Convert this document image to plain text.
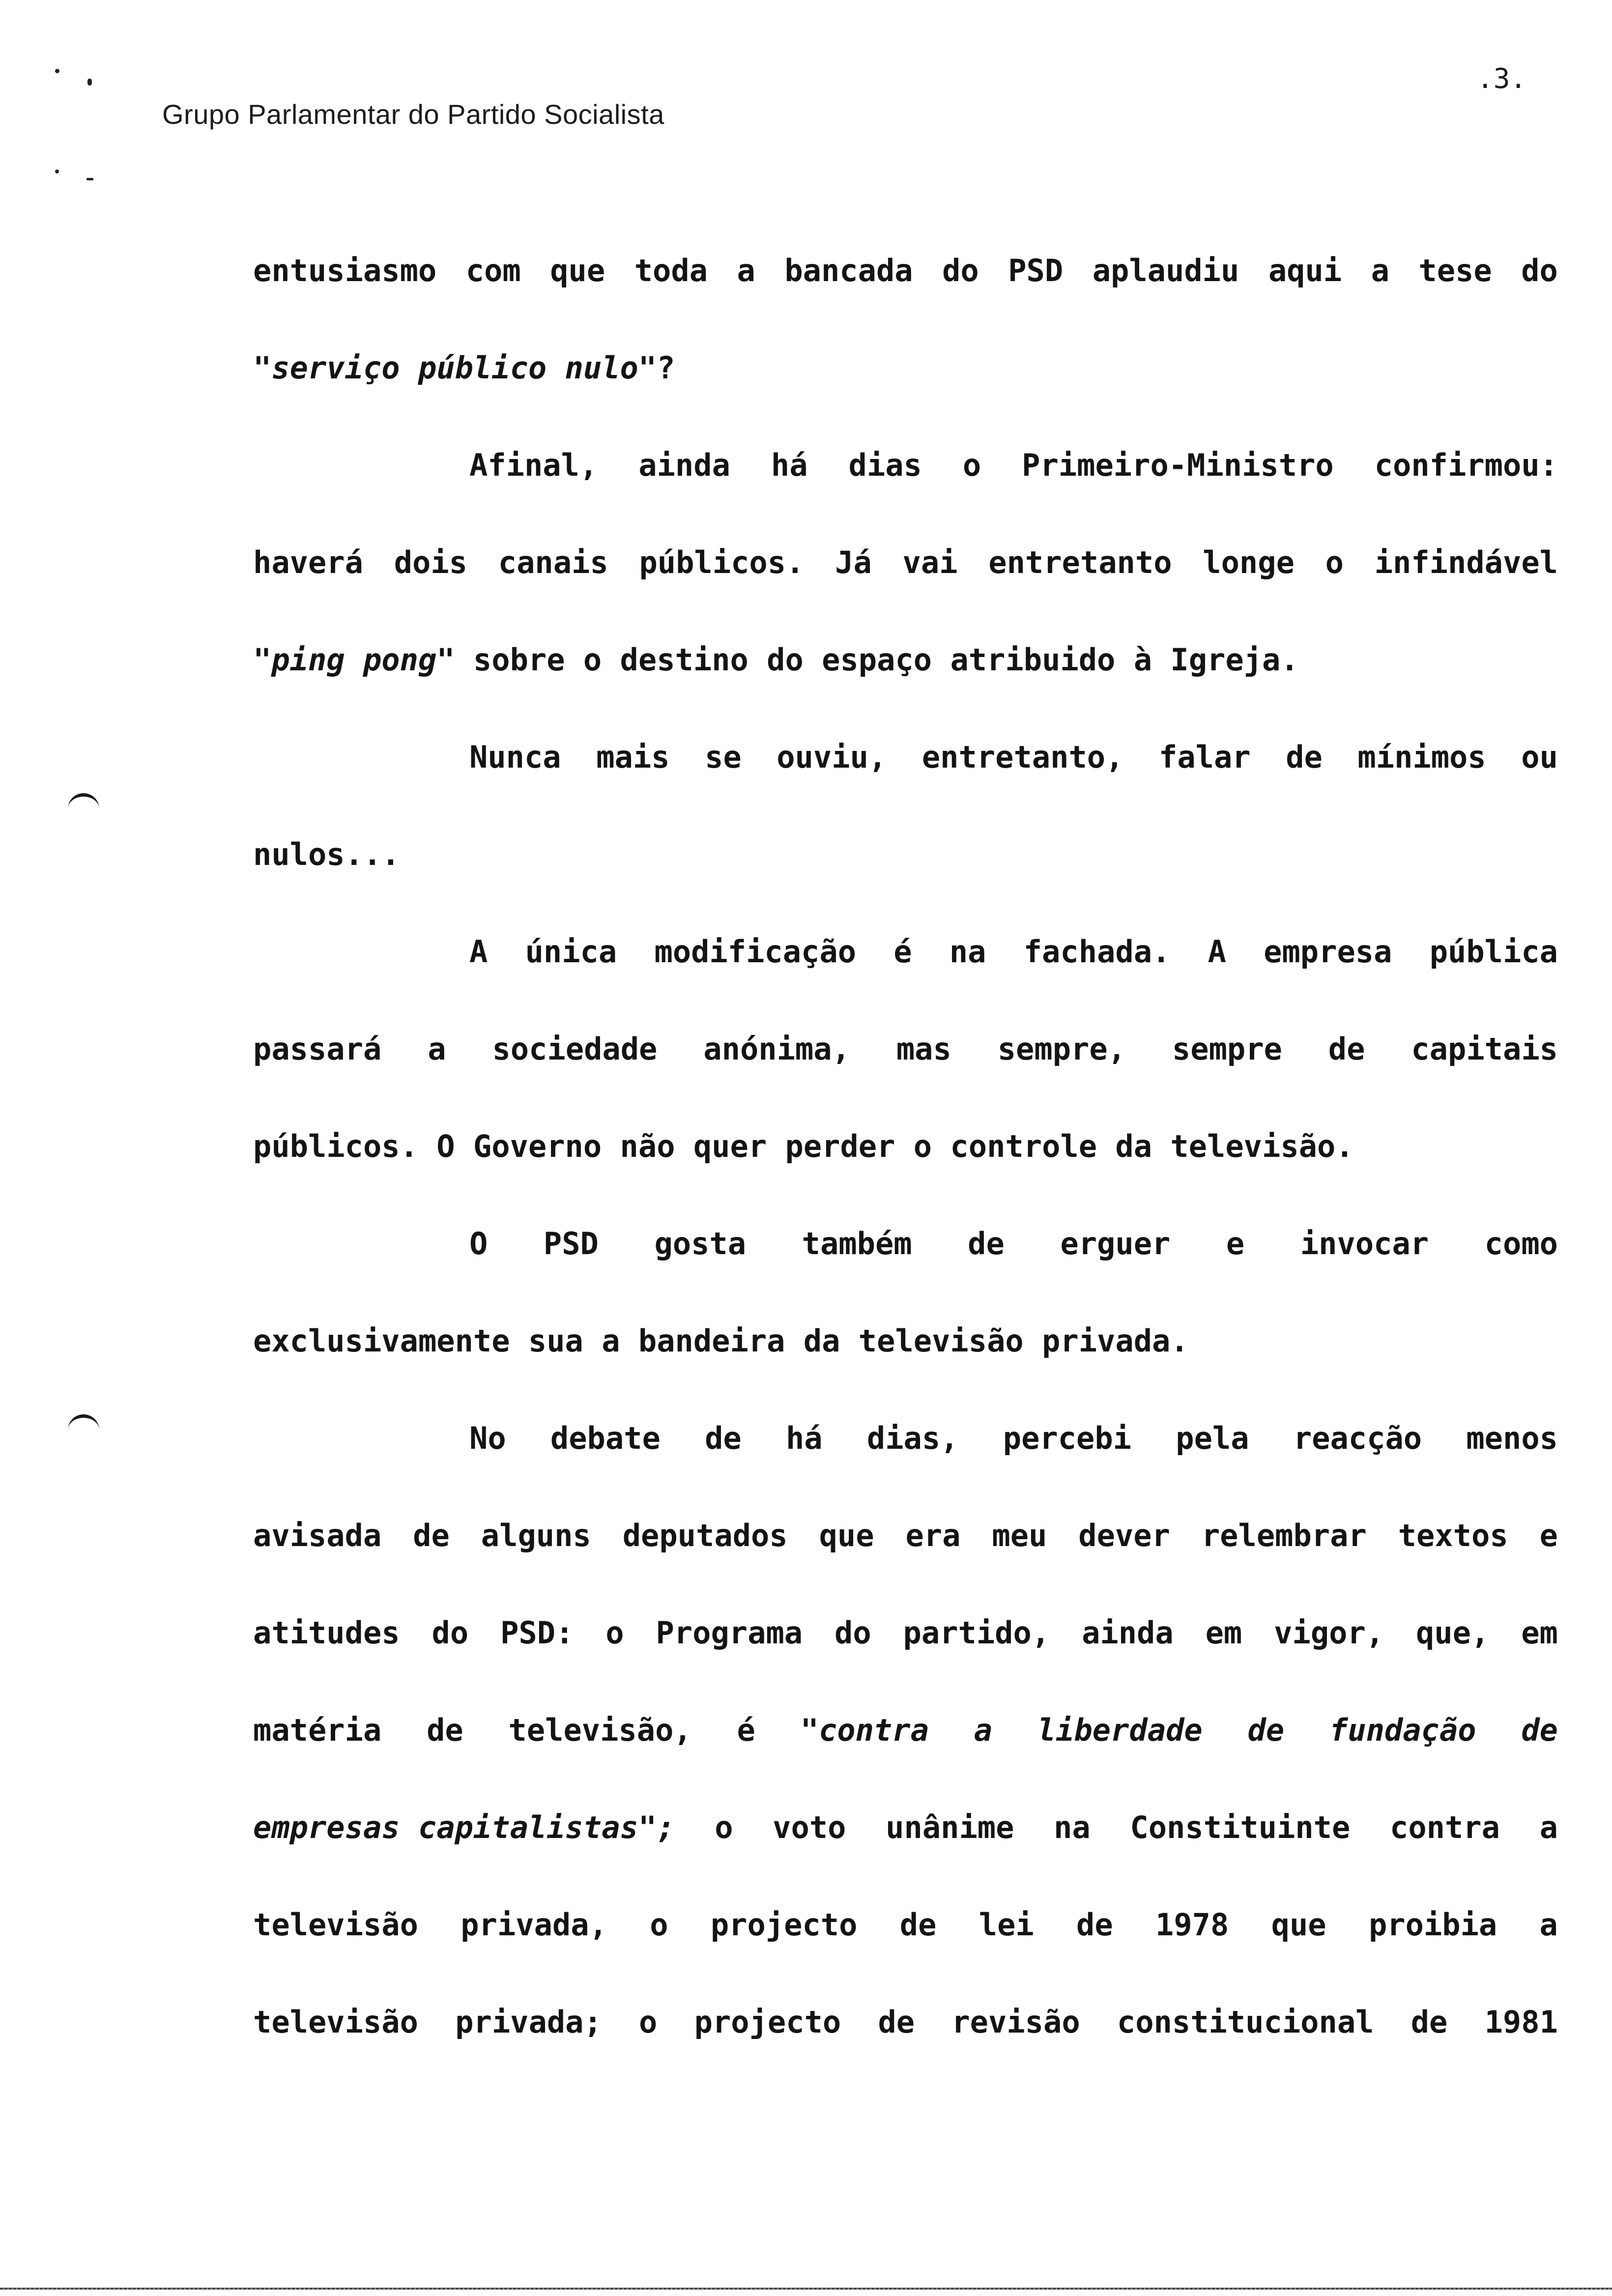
.3.
Grupo Parlamentar do Partido Socialista
entusiasmo com que toda a bancada do PSD aplaudiu aqui a tese do
"serviço público nulo" ?
Afinal, ainda há dias o Primeiro-Ministro confirmou:
haverá dois canais públicos. Já vai entretanto longe o infindável
"ping pong" sobre o destino do espaço atribuido à Igreja.
Nunca mais se ouviu, entretanto, falar de mínimos ou
nulos...
A única modificação é na fachada. A empresa pública
passará a sociedade anónima, mas sempre, sempre de capitais
públicos. O Governo não quer perder o controle da televisão.
O PSD gosta também de erguer e invocar como
exclusivamente sua a bandeira da televisão privada.
No debate de há dias, percebi pela reacção menos
avisada de alguns deputados que era meu dever relembrar textos e
atitudes do PSD: o Programa do partido, ainda em vigor, que, em
matéria de televisão, é "contra a liberdade de fundação de
empresas capitalistas"; o voto unânime na Constituinte contra a
televisão privada, o projecto de lei de 1978 que proibia a
televisão privada; o projecto de revisão constitucional de 1981
